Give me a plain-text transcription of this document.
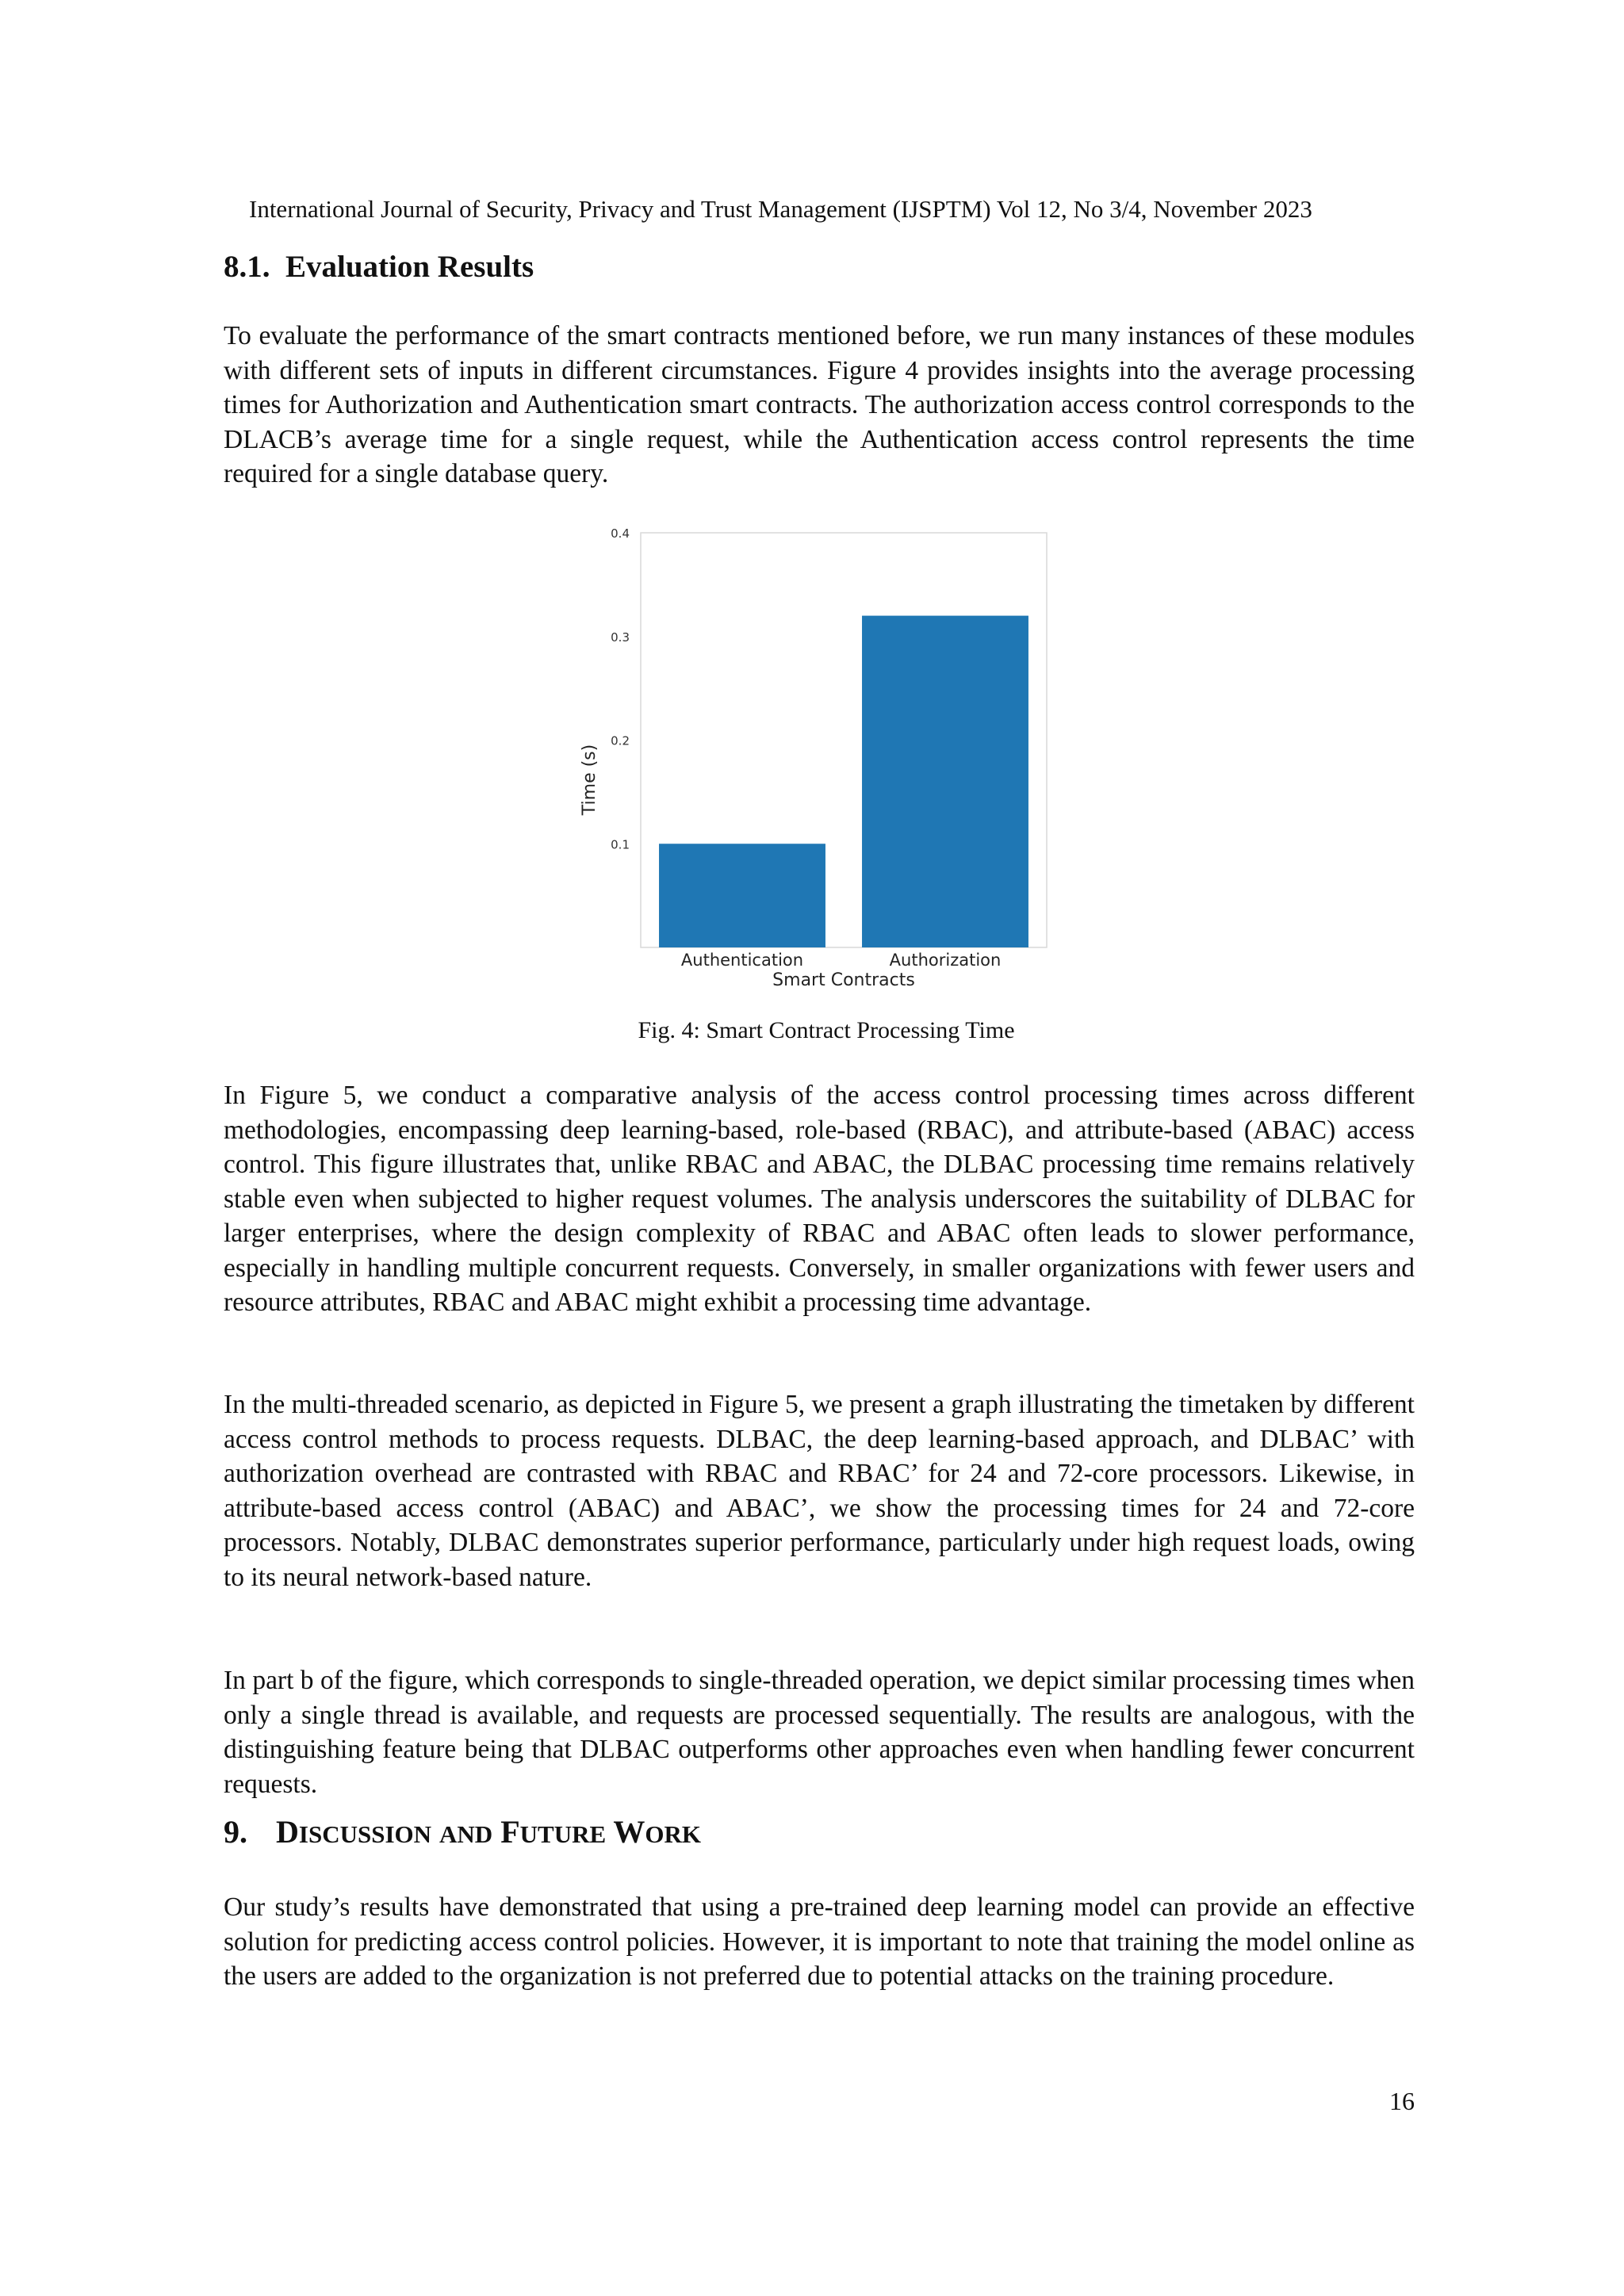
International Journal of Security, Privacy and Trust Management (IJSPTM) Vol 12, No 3/4, November 2023
8.1. Evaluation Results

To evaluate the performance of the smart contracts mentioned before, we run many instances of these modules with different sets of inputs in different circumstances. Figure 4 provides insights into the average processing times for Authorization and Authentication smart contracts. The authorization access control corresponds to the DLACB’s average time for a single request, while the Authentication access control represents the time required for a single database query.

0.1
0.2
0.3
0.4
Authentication	Authorization
Smart Contracts
Time (s)
Fig. 4: Smart Contract Processing Time

In Figure 5, we conduct a comparative analysis of the access control processing times across different methodologies, encompassing deep learning-based, role-based (RBAC), and attribute-based (ABAC) access control. This figure illustrates that, unlike RBAC and ABAC, the DLBAC processing time remains relatively stable even when subjected to higher request volumes. The analysis underscores the suitability of DLBAC for larger enterprises, where the design complexity of RBAC and ABAC often leads to slower performance, especially in handling multiple concurrent requests. Conversely, in smaller organizations with fewer users and resource attributes, RBAC and ABAC might exhibit a processing time advantage.

In the multi-threaded scenario, as depicted in Figure 5, we present a graph illustrating the timetaken by different access control methods to process requests. DLBAC, the deep learning-based approach, and DLBAC’ with authorization overhead are contrasted with RBAC and RBAC’ for 24 and 72-core processors. Likewise, in attribute-based access control (ABAC) and ABAC’, we show the processing times for 24 and 72-core processors. Notably, DLBAC demonstrates superior performance, particularly under high request loads, owing to its neural network-based nature.

In part b of the figure, which corresponds to single-threaded operation, we depict similar processing times when only a single thread is available, and requests are processed sequentially. The results are analogous, with the distinguishing feature being that DLBAC outperforms other approaches even when handling fewer concurrent requests.

9. DISCUSSION AND FUTURE WORK

Our study’s results have demonstrated that using a pre-trained deep learning model can provide an effective solution for predicting access control policies. However, it is important to note that training the model online as the users are added to the organization is not preferred due to potential attacks on the training procedure.

16
